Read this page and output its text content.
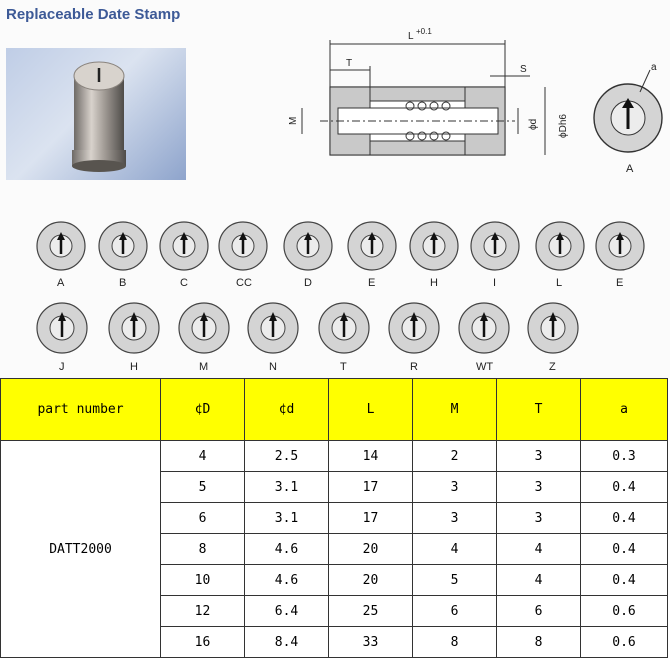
Replaceable Date Stamp
L +0.1
T
S
M	ϕd ϕDh6
a
A
A	B	C	CC	D	E	H	I	L	E
J	H	M	N	T	R	WT	Z
part number	¢D	¢d	L	M	T	a
DATT2000	4	2.5	14	2	3	0.3
	5	3.1	17	3	3	0.4
	6	3.1	17	3	3	0.4
	8	4.6	20	4	4	0.4
	10	4.6	20	5	4	0.4
	12	6.4	25	6	6	0.6
	16	8.4	33	8	8	0.6
